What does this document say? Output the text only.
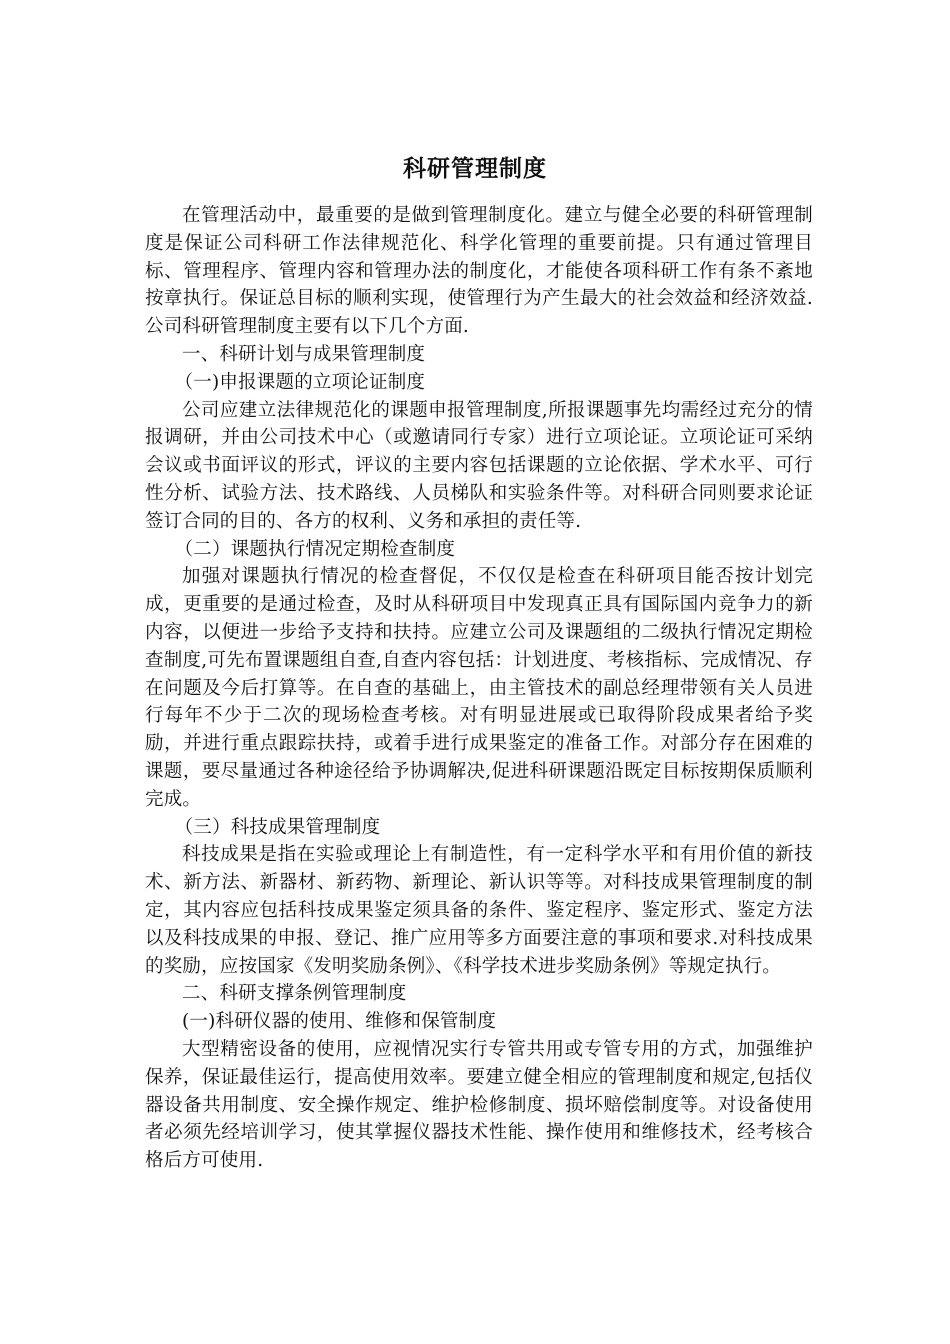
科研管理制度

在管理活动中，最重要的是做到管理制度化。建立与健全必要的科研管理制度是保证公司科研工作法律规范化、科学化管理的重要前提。只有通过管理目标、管理程序、管理内容和管理办法的制度化，才能使各项科研工作有条不紊地按章执行。保证总目标的顺利实现，使管理行为产生最大的社会效益和经济效益.公司科研管理制度主要有以下几个方面.

一、科研计划与成果管理制度

（一)申报课题的立项论证制度

公司应建立法律规范化的课题申报管理制度,所报课题事先均需经过充分的情报调研，并由公司技术中心（或邀请同行专家）进行立项论证。立项论证可采纳会议或书面评议的形式，评议的主要内容包括课题的立论依据、学术水平、可行性分析、试验方法、技术路线、人员梯队和实验条件等。对科研合同则要求论证签订合同的目的、各方的权利、义务和承担的责任等.

（二）课题执行情况定期检查制度

加强对课题执行情况的检查督促，不仅仅是检查在科研项目能否按计划完成，更重要的是通过检查，及时从科研项目中发现真正具有国际国内竞争力的新内容，以便进一步给予支持和扶持。应建立公司及课题组的二级执行情况定期检查制度,可先布置课题组自查,自查内容包括：计划进度、考核指标、完成情况、存在问题及今后打算等。在自查的基础上，由主管技术的副总经理带领有关人员进行每年不少于二次的现场检查考核。对有明显进展或已取得阶段成果者给予奖励，并进行重点跟踪扶持，或着手进行成果鉴定的准备工作。对部分存在困难的课题，要尽量通过各种途径给予协调解决,促进科研课题沿既定目标按期保质顺利完成。

（三）科技成果管理制度

科技成果是指在实验或理论上有制造性，有一定科学水平和有用价值的新技术、新方法、新器材、新药物、新理论、新认识等等。对科技成果管理制度的制定，其内容应包括科技成果鉴定须具备的条件、鉴定程序、鉴定形式、鉴定方法以及科技成果的申报、登记、推广应用等多方面要注意的事项和要求.对科技成果的奖励，应按国家《发明奖励条例》、《科学技术进步奖励条例》等规定执行。

二、科研支撑条例管理制度

(一)科研仪器的使用、维修和保管制度

大型精密设备的使用，应视情况实行专管共用或专管专用的方式，加强维护保养，保证最佳运行，提高使用效率。要建立健全相应的管理制度和规定,包括仪器设备共用制度、安全操作规定、维护检修制度、损坏赔偿制度等。对设备使用者必须先经培训学习，使其掌握仪器技术性能、操作使用和维修技术，经考核合格后方可使用.
